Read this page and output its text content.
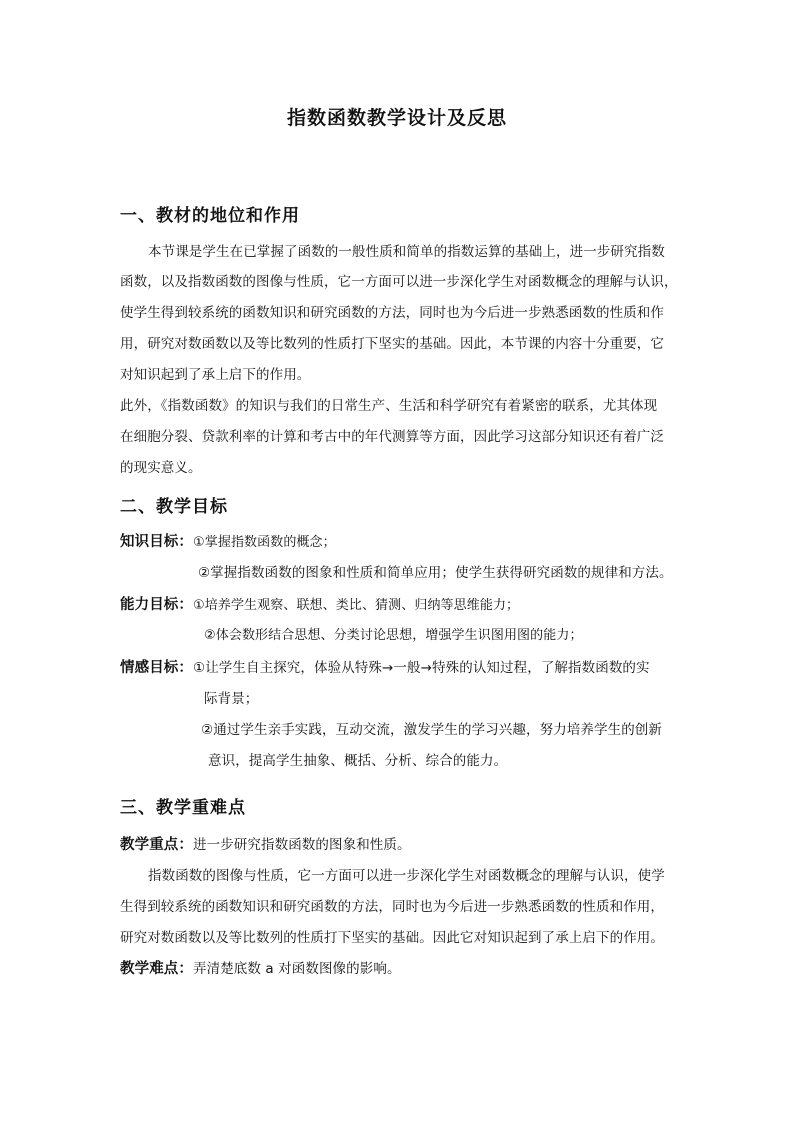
指数函数教学设计及反思
一、教材的地位和作用
本节课是学生在已掌握了函数的一般性质和简单的指数运算的基础上，进一步研究指数
函数，以及指数函数的图像与性质，它一方面可以进一步深化学生对函数概念的理解与认识，
使学生得到较系统的函数知识和研究函数的方法，同时也为今后进一步熟悉函数的性质和作
用，研究对数函数以及等比数列的性质打下坚实的基础。因此，本节课的内容十分重要，它
对知识起到了承上启下的作用。
此外，《指数函数》的知识与我们的日常生产、生活和科学研究有着紧密的联系，尤其体现
在细胞分裂、贷款利率的计算和考古中的年代测算等方面，因此学习这部分知识还有着广泛
的现实意义。
二、教学目标
知识目标：①掌握指数函数的概念；
②掌握指数函数的图象和性质和简单应用；使学生获得研究函数的规律和方法。
能力目标：①培养学生观察、联想、类比、猜测、归纳等思维能力；
②体会数形结合思想、分类讨论思想，增强学生识图用图的能力；
情感目标：①让学生自主探究，体验从特殊→一般→特殊的认知过程，了解指数函数的实
际背景；
②通过学生亲手实践，互动交流，激发学生的学习兴趣，努力培养学生的创新
意识，提高学生抽象、概括、分析、综合的能力。
三、教学重难点
教学重点：进一步研究指数函数的图象和性质。
指数函数的图像与性质，它一方面可以进一步深化学生对函数概念的理解与认识，使学
生得到较系统的函数知识和研究函数的方法，同时也为今后进一步熟悉函数的性质和作用，
研究对数函数以及等比数列的性质打下坚实的基础。因此它对知识起到了承上启下的作用。
教学难点：弄清楚底数 a 对函数图像的影响。
